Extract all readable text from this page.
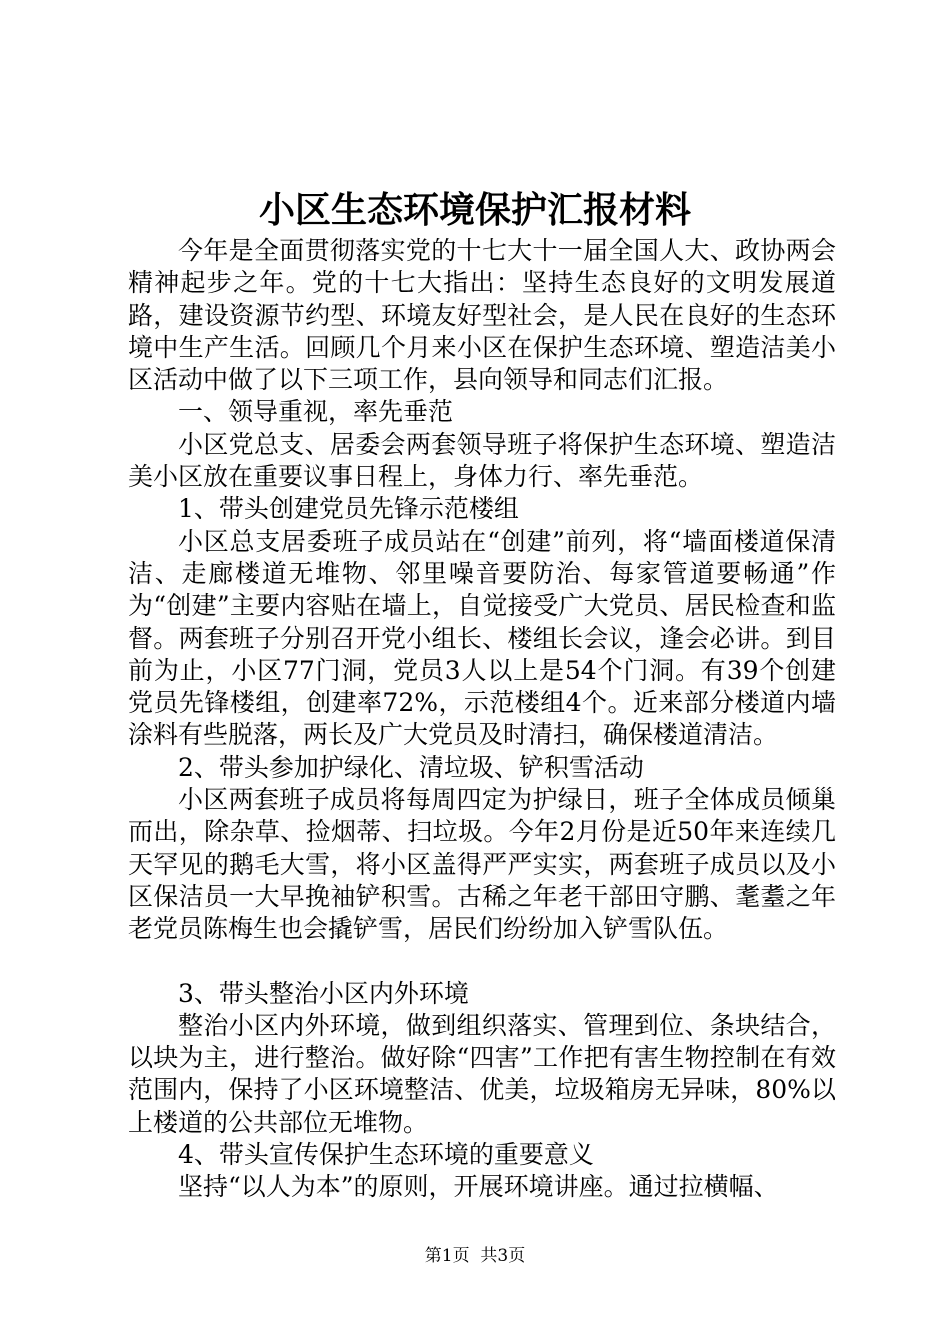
小区生态环境保护汇报材料

今年是全面贯彻落实党的十七大十一届全国人大、政协两会精神起步之年。党的十七大指出：坚持生态良好的文明发展道路，建设资源节约型、环境友好型社会，是人民在良好的生态环境中生产生活。回顾几个月来小区在保护生态环境、塑造洁美小区活动中做了以下三项工作，县向领导和同志们汇报。

一、领导重视，率先垂范

小区党总支、居委会两套领导班子将保护生态环境、塑造洁美小区放在重要议事日程上，身体力行、率先垂范。

1、带头创建党员先锋示范楼组

小区总支居委班子成员站在“创建”前列，将“墙面楼道保清洁、走廊楼道无堆物、邻里噪音要防治、每家管道要畅通”作为“创建”主要内容贴在墙上，自觉接受广大党员、居民检查和监督。两套班子分别召开党小组长、楼组长会议，逢会必讲。到目前为止，小区77门洞，党员3人以上是54个门洞。有39个创建党员先锋楼组，创建率72%，示范楼组4个。近来部分楼道内墙涂料有些脱落，两长及广大党员及时清扫，确保楼道清洁。

2、带头参加护绿化、清垃圾、铲积雪活动

小区两套班子成员将每周四定为护绿日，班子全体成员倾巢而出，除杂草、捡烟蒂、扫垃圾。今年2月份是近50年来连续几天罕见的鹅毛大雪，将小区盖得严严实实，两套班子成员以及小区保洁员一大早挽袖铲积雪。古稀之年老干部田守鹏、耄耋之年老党员陈梅生也会撬铲雪，居民们纷纷加入铲雪队伍。

3、带头整治小区内外环境

整治小区内外环境，做到组织落实、管理到位、条块结合，以块为主，进行整治。做好除“四害”工作把有害生物控制在有效范围内，保持了小区环境整洁、优美，垃圾箱房无异味，80%以上楼道的公共部位无堆物。

4、带头宣传保护生态环境的重要意义

坚持“以人为本”的原则，开展环境讲座。通过拉横幅、

第1页 共3页
